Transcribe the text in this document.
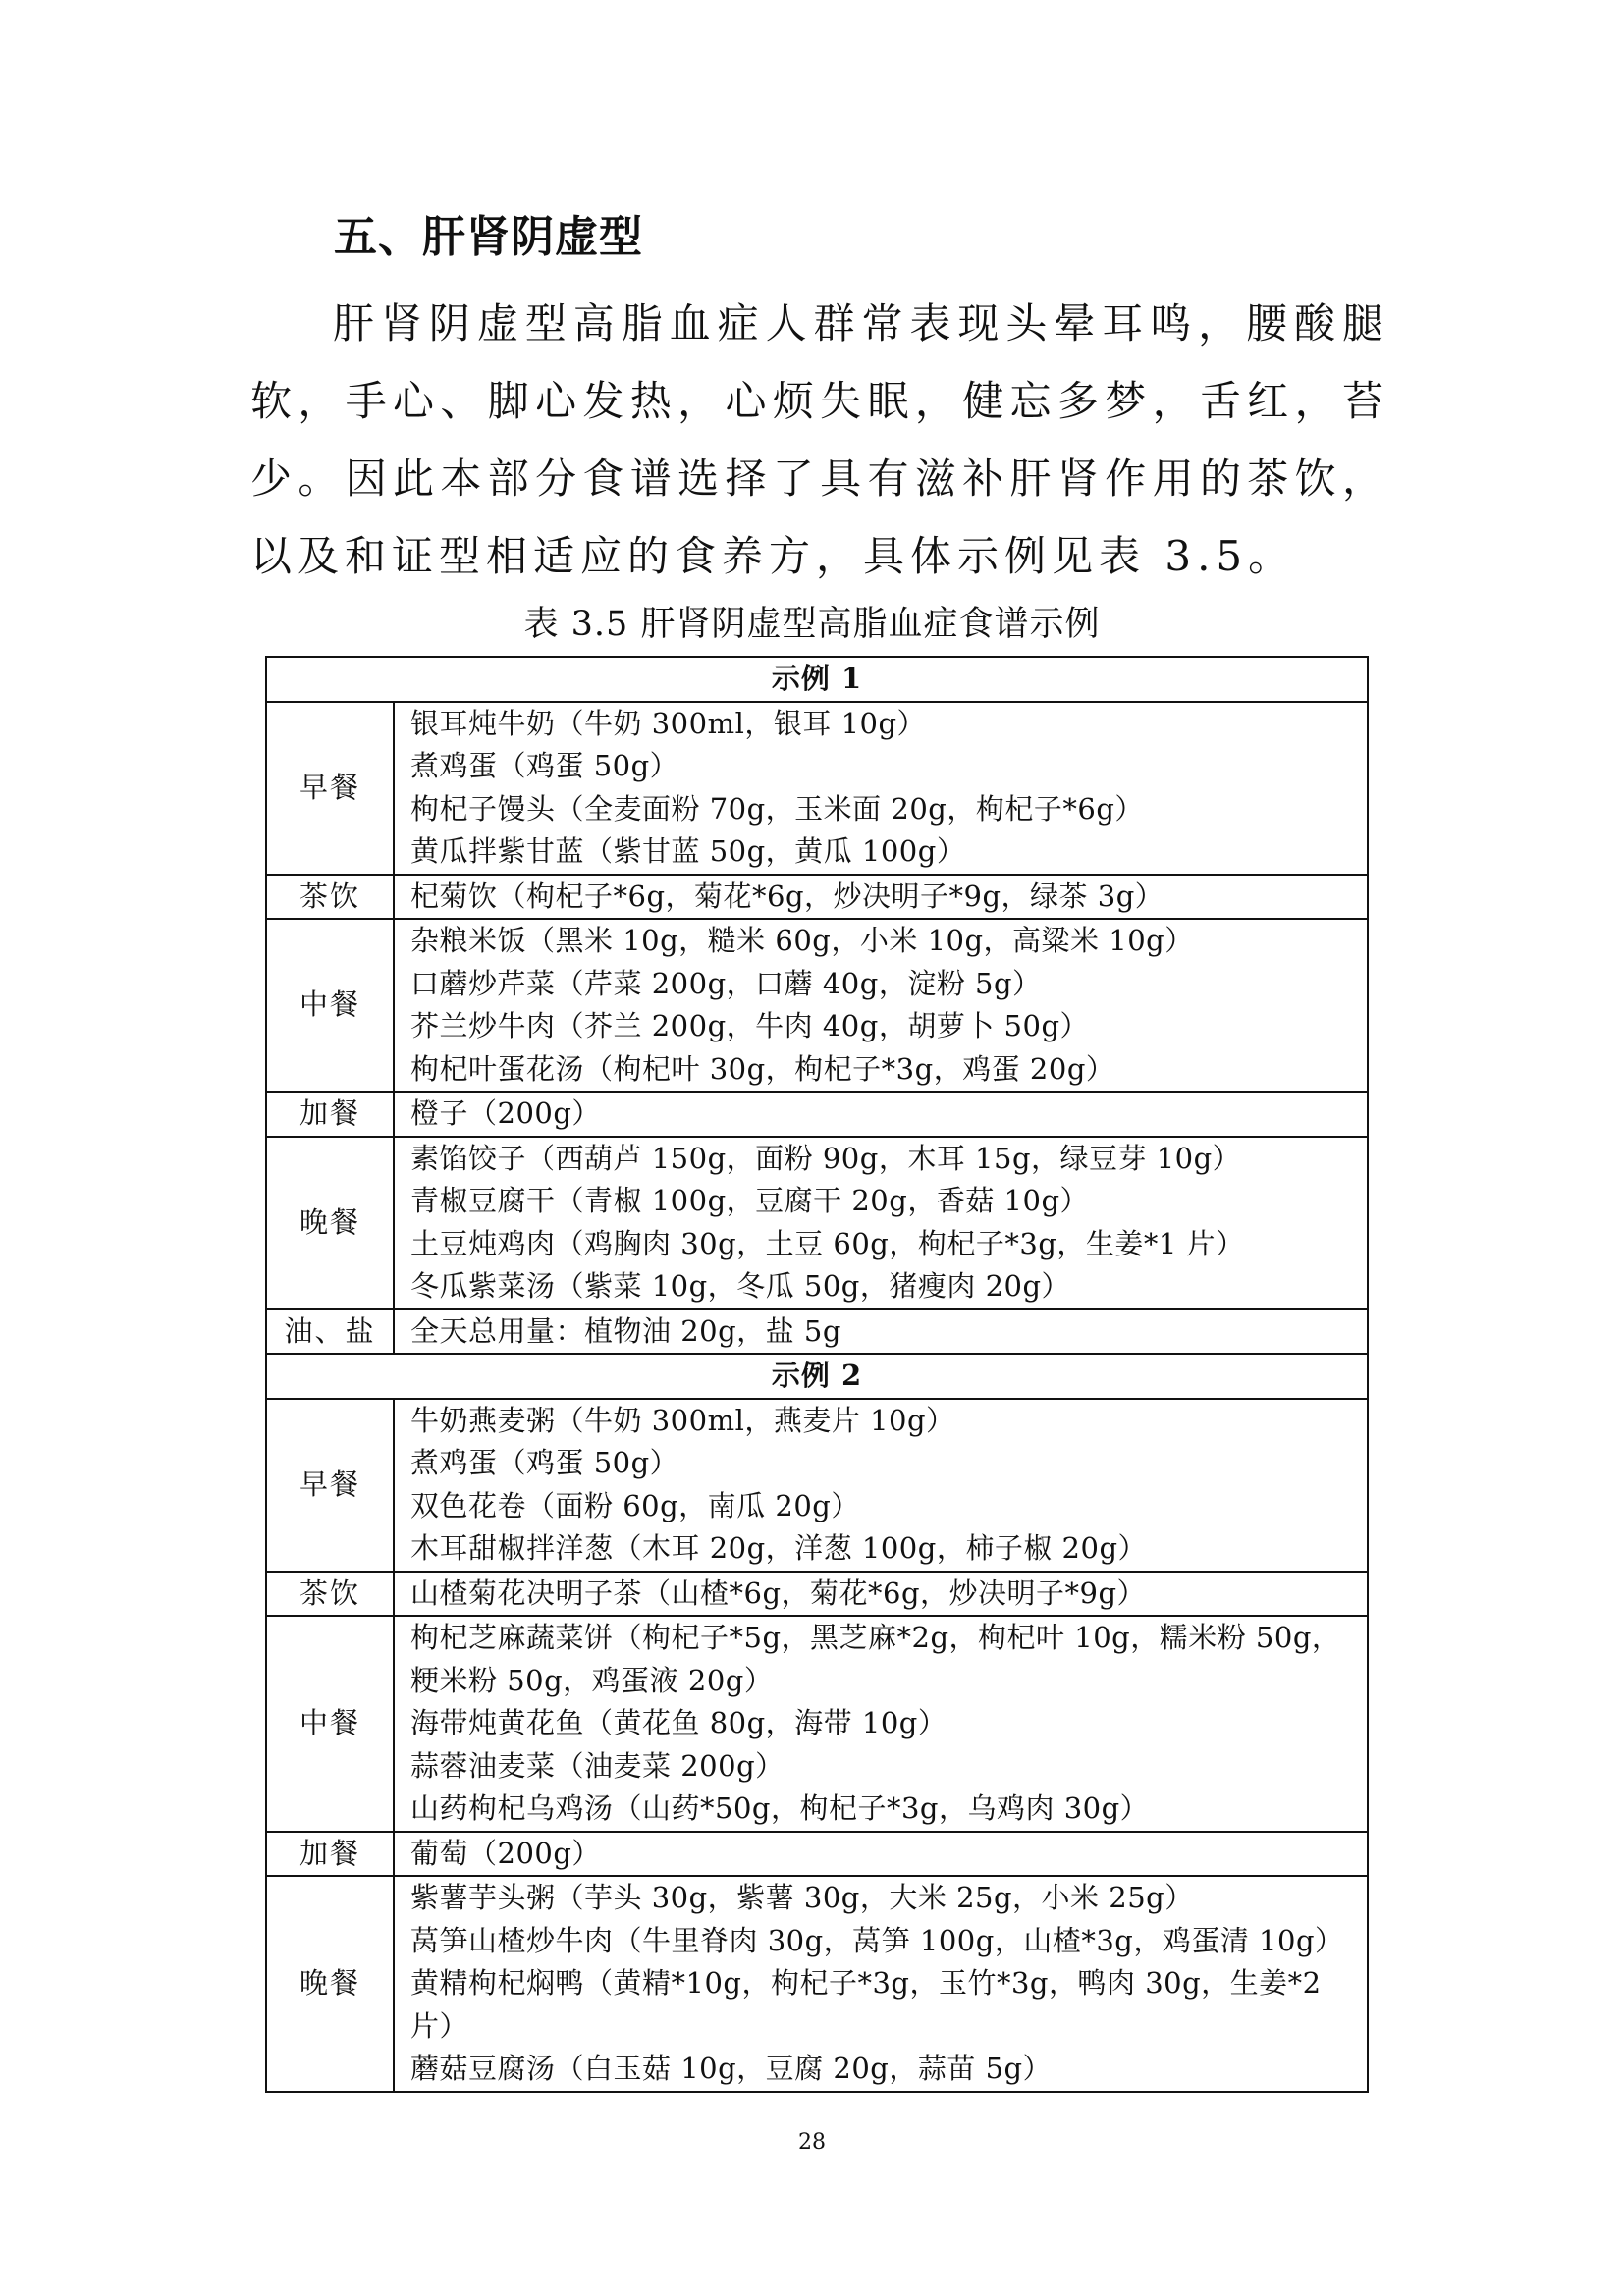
五、肝肾阴虚型

肝肾阴虚型高脂血症人群常表现头晕耳鸣，腰酸腿软，手心、脚心发热，心烦失眠，健忘多梦，舌红，苔少。因此本部分食谱选择了具有滋补肝肾作用的茶饮，以及和证型相适应的食养方，具体示例见表 3.5。

表 3.5 肝肾阴虚型高脂血症食谱示例
示例 1	
早餐	银耳炖牛奶（牛奶 300ml，银耳 10g）
煮鸡蛋（鸡蛋 50g）
枸杞子馒头（全麦面粉 70g，玉米面 20g，枸杞子*6g）
黄瓜拌紫甘蓝（紫甘蓝 50g，黄瓜 100g）

茶饮	杞菊饮（枸杞子*6g，菊花*6g，炒决明子*9g，绿茶 3g）

中餐	杂粮米饭（黑米 10g，糙米 60g，小米 10g，高粱米 10g）
口蘑炒芹菜（芹菜 200g，口蘑 40g，淀粉 5g）
芥兰炒牛肉（芥兰 200g，牛肉 40g，胡萝卜 50g）
枸杞叶蛋花汤（枸杞叶 30g，枸杞子*3g，鸡蛋 20g）

加餐	橙子（200g）

晚餐	素馅饺子（西葫芦 150g，面粉 90g，木耳 15g，绿豆芽 10g）
青椒豆腐干（青椒 100g，豆腐干 20g，香菇 10g）
土豆炖鸡肉（鸡胸肉 30g，土豆 60g，枸杞子*3g，生姜*1 片）
冬瓜紫菜汤（紫菜 10g，冬瓜 50g，猪瘦肉 20g）

油、盐	全天总用量：植物油 20g，盐 5g

示例 2	
早餐	牛奶燕麦粥（牛奶 300ml，燕麦片 10g）
煮鸡蛋（鸡蛋 50g）
双色花卷（面粉 60g，南瓜 20g）
木耳甜椒拌洋葱（木耳 20g，洋葱 100g，柿子椒 20g）

茶饮	山楂菊花决明子茶（山楂*6g，菊花*6g，炒决明子*9g）

中餐	枸杞芝麻蔬菜饼（枸杞子*5g，黑芝麻*2g，枸杞叶 10g，糯米粉 50g，粳米粉 50g，鸡蛋液 20g）
海带炖黄花鱼（黄花鱼 80g，海带 10g）
蒜蓉油麦菜（油麦菜 200g）
山药枸杞乌鸡汤（山药*50g，枸杞子*3g，乌鸡肉 30g）

加餐	葡萄（200g）

晚餐	紫薯芋头粥（芋头 30g，紫薯 30g，大米 25g，小米 25g）
莴笋山楂炒牛肉（牛里脊肉 30g，莴笋 100g，山楂*3g，鸡蛋清 10g）
黄精枸杞焖鸭（黄精*10g，枸杞子*3g，玉竹*3g，鸭肉 30g，生姜*2 片）
蘑菇豆腐汤（白玉菇 10g，豆腐 20g，蒜苗 5g）
28
